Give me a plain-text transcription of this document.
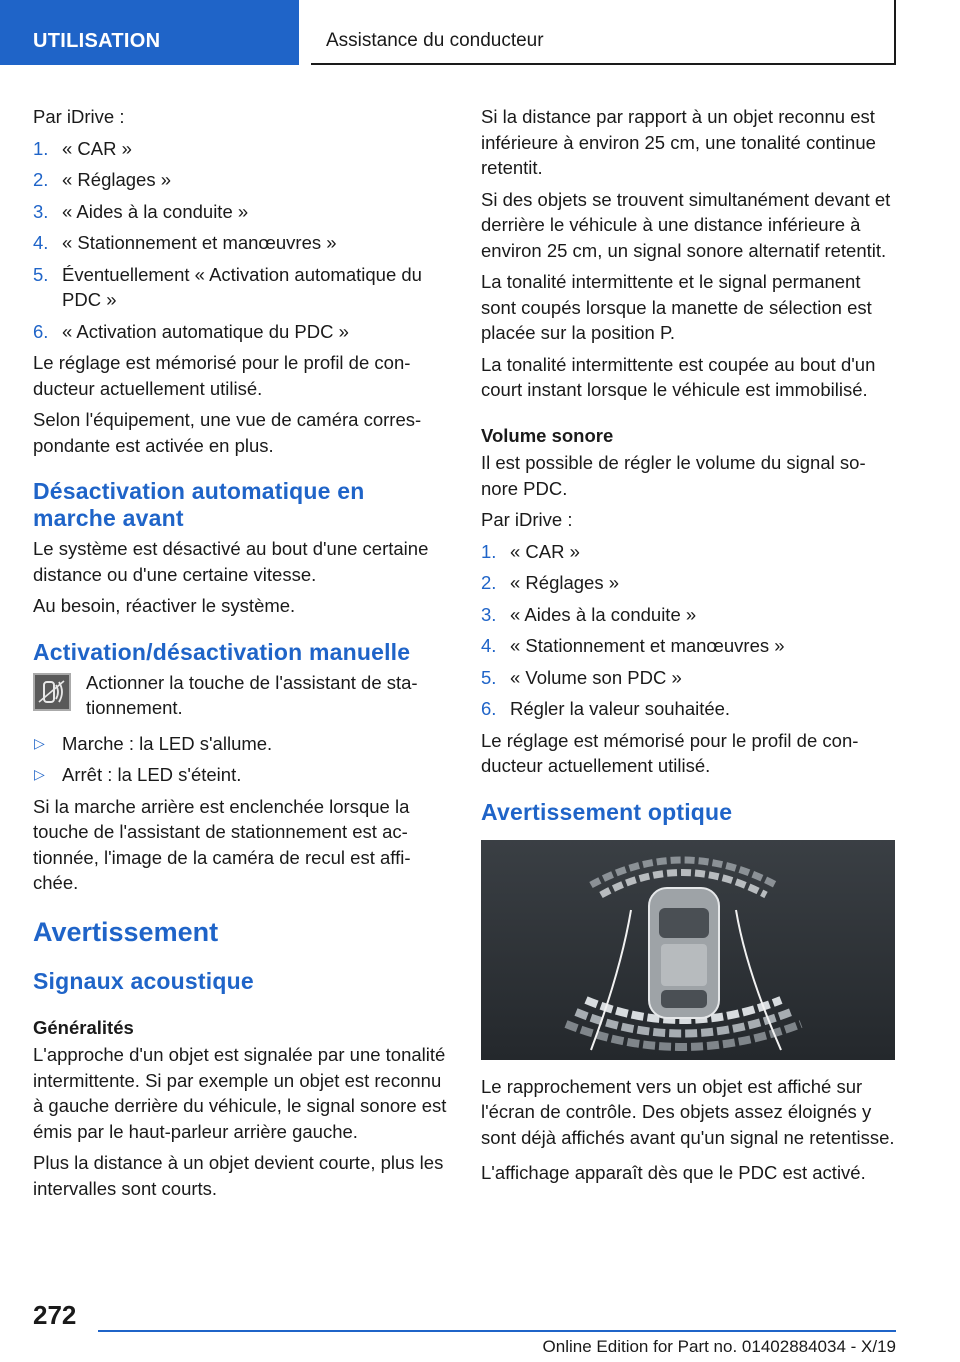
UTILISATION	Assistance du conducteur

Par iDrive :

1. « CAR »
2. « Réglages »
3. « Aides à la conduite »
4. « Stationnement et manœuvres »
5. Éventuellement « Activation automatique du PDC »
6. « Activation automatique du PDC »

Le réglage est mémorisé pour le profil de conducteur actuellement utilisé.

Selon l'équipement, une vue de caméra correspondante est activée en plus.

Désactivation automatique en marche avant

Le système est désactivé au bout d'une certaine distance ou d'une certaine vitesse.

Au besoin, réactiver le système.

Activation/désactivation manuelle

Actionner la touche de l'assistant de stationnement.

▷ Marche : la LED s'allume.
▷ Arrêt : la LED s'éteint.

Si la marche arrière est enclenchée lorsque la touche de l'assistant de stationnement est actionnée, l'image de la caméra de recul est affichée.

Avertissement
Signaux acoustique
Généralités

L'approche d'un objet est signalée par une tonalité intermittente. Si par exemple un objet est reconnu à gauche derrière du véhicule, le signal sonore est émis par le haut-parleur arrière gauche.

Plus la distance à un objet devient courte, plus les intervalles sont courts.

Si la distance par rapport à un objet reconnu est inférieure à environ 25 cm, une tonalité continue retentit.

Si des objets se trouvent simultanément devant et derrière le véhicule à une distance inférieure à environ 25 cm, un signal sonore alternatif retentit.

La tonalité intermittente et le signal permanent sont coupés lorsque la manette de sélection est placée sur la position P.

La tonalité intermittente est coupée au bout d'un court instant lorsque le véhicule est immobilisé.

Volume sonore

Il est possible de régler le volume du signal sonore PDC.

Par iDrive :

1. « CAR »
2. « Réglages »
3. « Aides à la conduite »
4. « Stationnement et manœuvres »
5. « Volume son PDC »
6. Régler la valeur souhaitée.

Le réglage est mémorisé pour le profil de conducteur actuellement utilisé.

Avertissement optique

Le rapprochement vers un objet est affiché sur l'écran de contrôle. Des objets assez éloignés y sont déjà affichés avant qu'un signal ne retentisse.

L'affichage apparaît dès que le PDC est activé.

272
Online Edition for Part no. 01402884034 - X/19
